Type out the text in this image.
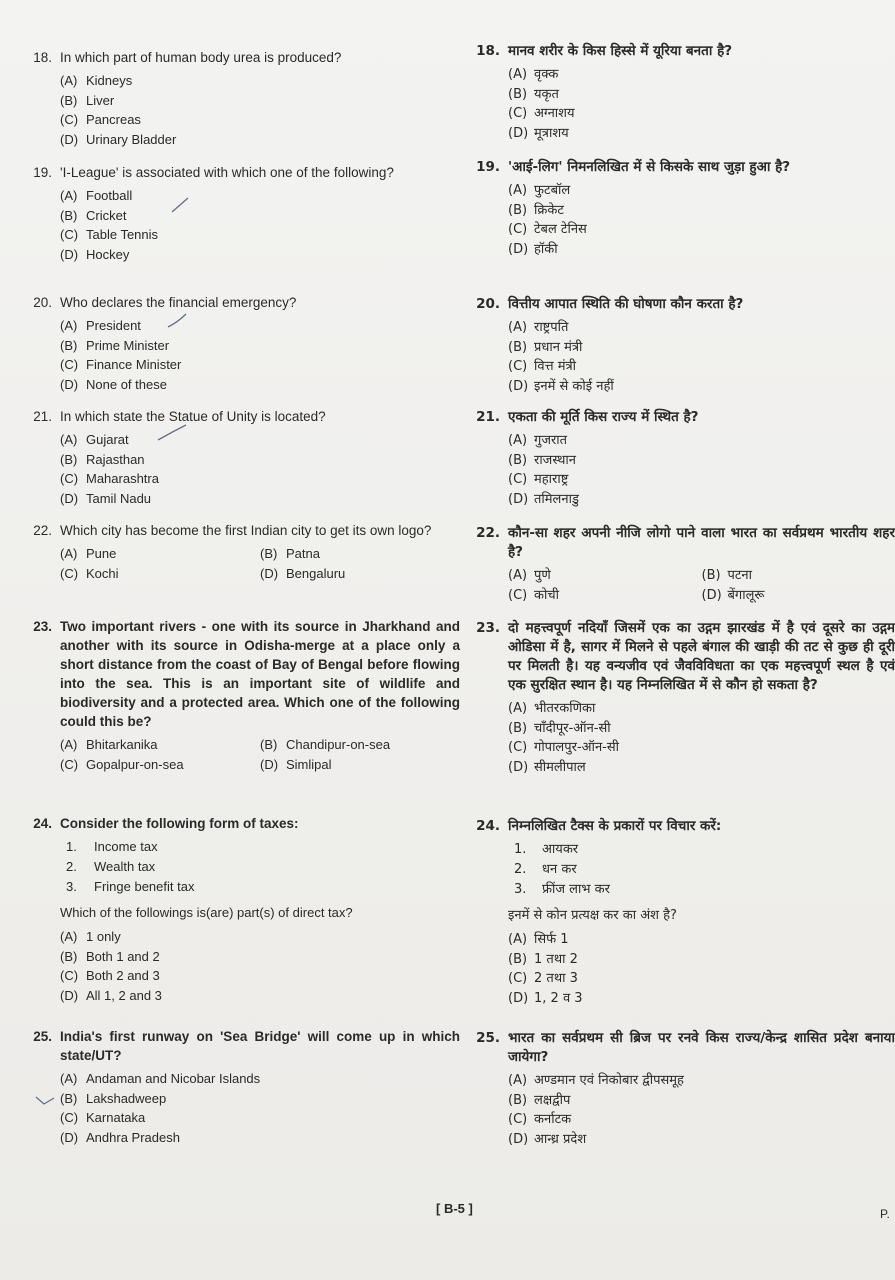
18. In which part of human body urea is produced?
(A) Kidneys
(B) Liver
(C) Pancreas
(D) Urinary Bladder
19. 'I-League' is associated with which one of the following?
(A) Football
(B) Cricket
(C) Table Tennis
(D) Hockey
20. Who declares the financial emergency?
(A) President
(B) Prime Minister
(C) Finance Minister
(D) None of these
21. In which state the Statue of Unity is located?
(A) Gujarat
(B) Rajasthan
(C) Maharashtra
(D) Tamil Nadu
22. Which city has become the first Indian city to get its own logo?
(A) Pune	(B) Patna
(C) Kochi	(D) Bengaluru
23. Two important rivers - one with its source in Jharkhand and another with its source in Odisha-merge at a place only a short distance from the coast of Bay of Bengal before flowing into the sea. This is an important site of wildlife and biodiversity and a protected area. Which one of the following could this be?
(A) Bhitarkanika	(B) Chandipur-on-sea
(C) Gopalpur-on-sea	(D) Simlipal
24. Consider the following form of taxes:
1.	Income tax
2.	Wealth tax
3.	Fringe benefit tax
Which of the followings is(are) part(s) of direct tax?
(A) 1 only
(B) Both 1 and 2
(C) Both 2 and 3
(D) All 1, 2 and 3
25. India's first runway on 'Sea Bridge' will come up in which state/UT?
(A) Andaman and Nicobar Islands
(B) Lakshadweep
(C) Karnataka
(D) Andhra Pradesh
18. मानव शरीर के किस हिस्से में यूरिया बनता है?
(A) वृक्क
(B) यकृत
(C) अग्नाशय
(D) मूत्राशय
19. 'आई-लिग' निमनलिखित में से किसके साथ जुड़ा हुआ है?
(A) फुटबॉल
(B) क्रिकेट
(C) टेबल टेनिस
(D) हॉकी
20. वित्तीय आपात स्थिति की घोषणा कौन करता है?
(A) राष्ट्रपति
(B) प्रधान मंत्री
(C) वित्त मंत्री
(D) इनमें से कोई नहीं
21. एकता की मूर्ति किस राज्य में स्थित है?
(A) गुजरात
(B) राजस्थान
(C) महाराष्ट्र
(D) तमिलनाडु
22. कौन-सा शहर अपनी नीजि लोगो पाने वाला भारत का सर्वप्रथम भारतीय शहर है?
(A) पुणे	(B) पटना
(C) कोची	(D) बेंगालूरू
23. दो महत्त्वपूर्ण नदियाँ जिसमें एक का उद्गम झारखंड में है एवं दूसरे का उद्गम ओडिसा में है, सागर में मिलने से पहले बंगाल की खाड़ी की तट से कुछ ही दूरी पर मिलती है। यह वन्यजीव एवं जैवविविधता का एक महत्त्वपूर्ण स्थल है एवं एक सुरक्षित स्थान है। यह निम्नलिखित में से कौन हो सकता है?
(A) भीतरकणिका
(B) चाँदीपूर-ऑन-सी
(C) गोपालपुर-ऑन-सी
(D) सीमलीपाल
24. निम्नलिखित टैक्स के प्रकारों पर विचार करें:
1.	आयकर
2.	धन कर
3.	फ्रींज लाभ कर
इनमें से कोन प्रत्यक्ष कर का अंश है?
(A) सिर्फ 1
(B) 1 तथा 2
(C) 2 तथा 3
(D) 1, 2 व 3
25. भारत का सर्वप्रथम सी ब्रिज पर रनवे किस राज्य/केन्द्र शासित प्रदेश बनाया जायेगा?
(A) अण्डमान एवं निकोबार द्वीपसमूह
(B) लक्षद्वीप
(C) कर्नाटक
(D) आन्ध्र प्रदेश
[ B-5 ]	P.
